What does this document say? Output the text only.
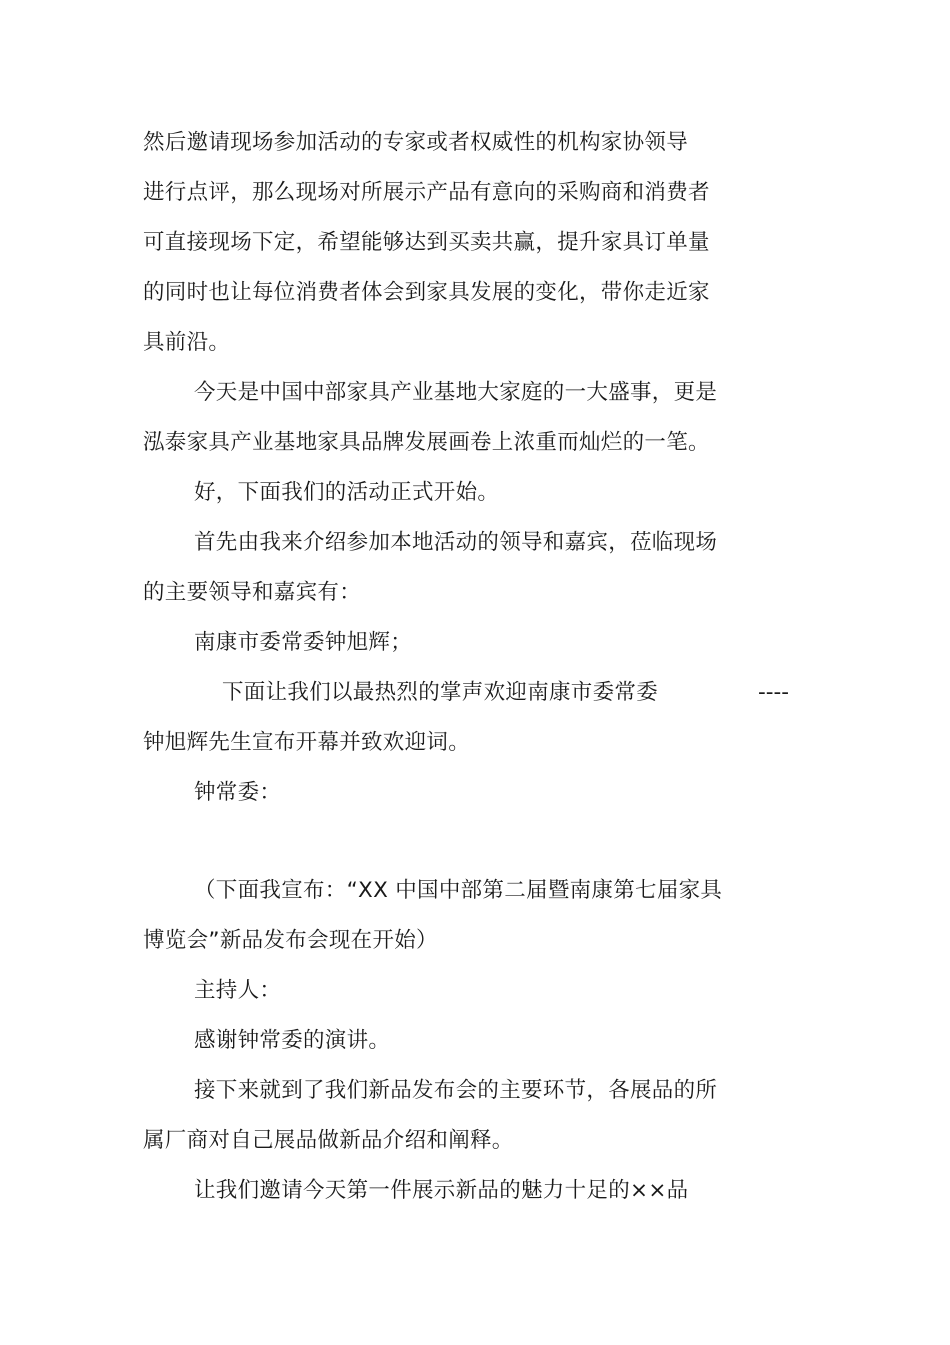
然后邀请现场参加活动的专家或者权威性的机构家协领导
进行点评，那么现场对所展示产品有意向的采购商和消费者
可直接现场下定，希望能够达到买卖共赢，提升家具订单量
的同时也让每位消费者体会到家具发展的变化，带你走近家
具前沿。
今天是中国中部家具产业基地大家庭的一大盛事，更是
泓泰家具产业基地家具品牌发展画卷上浓重而灿烂的一笔。
好，下面我们的活动正式开始。
首先由我来介绍参加本地活动的领导和嘉宾，莅临现场
的主要领导和嘉宾有：
南康市委常委钟旭辉；
下面让我们以最热烈的掌声欢迎南康市委常委	----
钟旭辉先生宣布开幕并致欢迎词。
钟常委：
（下面我宣布：“XX 中国中部第二届暨南康第七届家具
博览会”新品发布会现在开始）
主持人：
感谢钟常委的演讲。
接下来就到了我们新品发布会的主要环节，各展品的所
属厂商对自己展品做新品介绍和阐释。
让我们邀请今天第一件展示新品的魅力十足的××品
